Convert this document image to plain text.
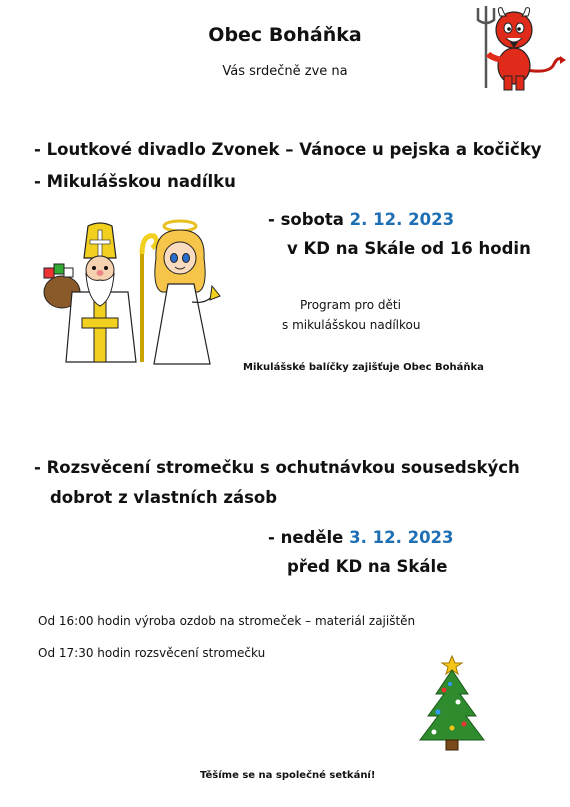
Obec Boháňka
Vás srdečně zve na
- Loutkové divadlo Zvonek – Vánoce u pejska a kočičky
- Mikulášskou nadílku
- sobota 2. 12. 2023
v KD na Skále od 16 hodin
Program pro děti
s mikulášskou nadílkou
Mikulášské balíčky zajišťuje Obec Boháňka
- Rozsvěcení stromečku s ochutnávkou sousedských
dobrot z vlastních zásob
- neděle 3. 12. 2023
před KD na Skále
Od 16:00 hodin výroba ozdob na stromeček – materiál zajištěn
Od 17:30 hodin rozsvěcení stromečku
Těšíme se na společné setkání!
